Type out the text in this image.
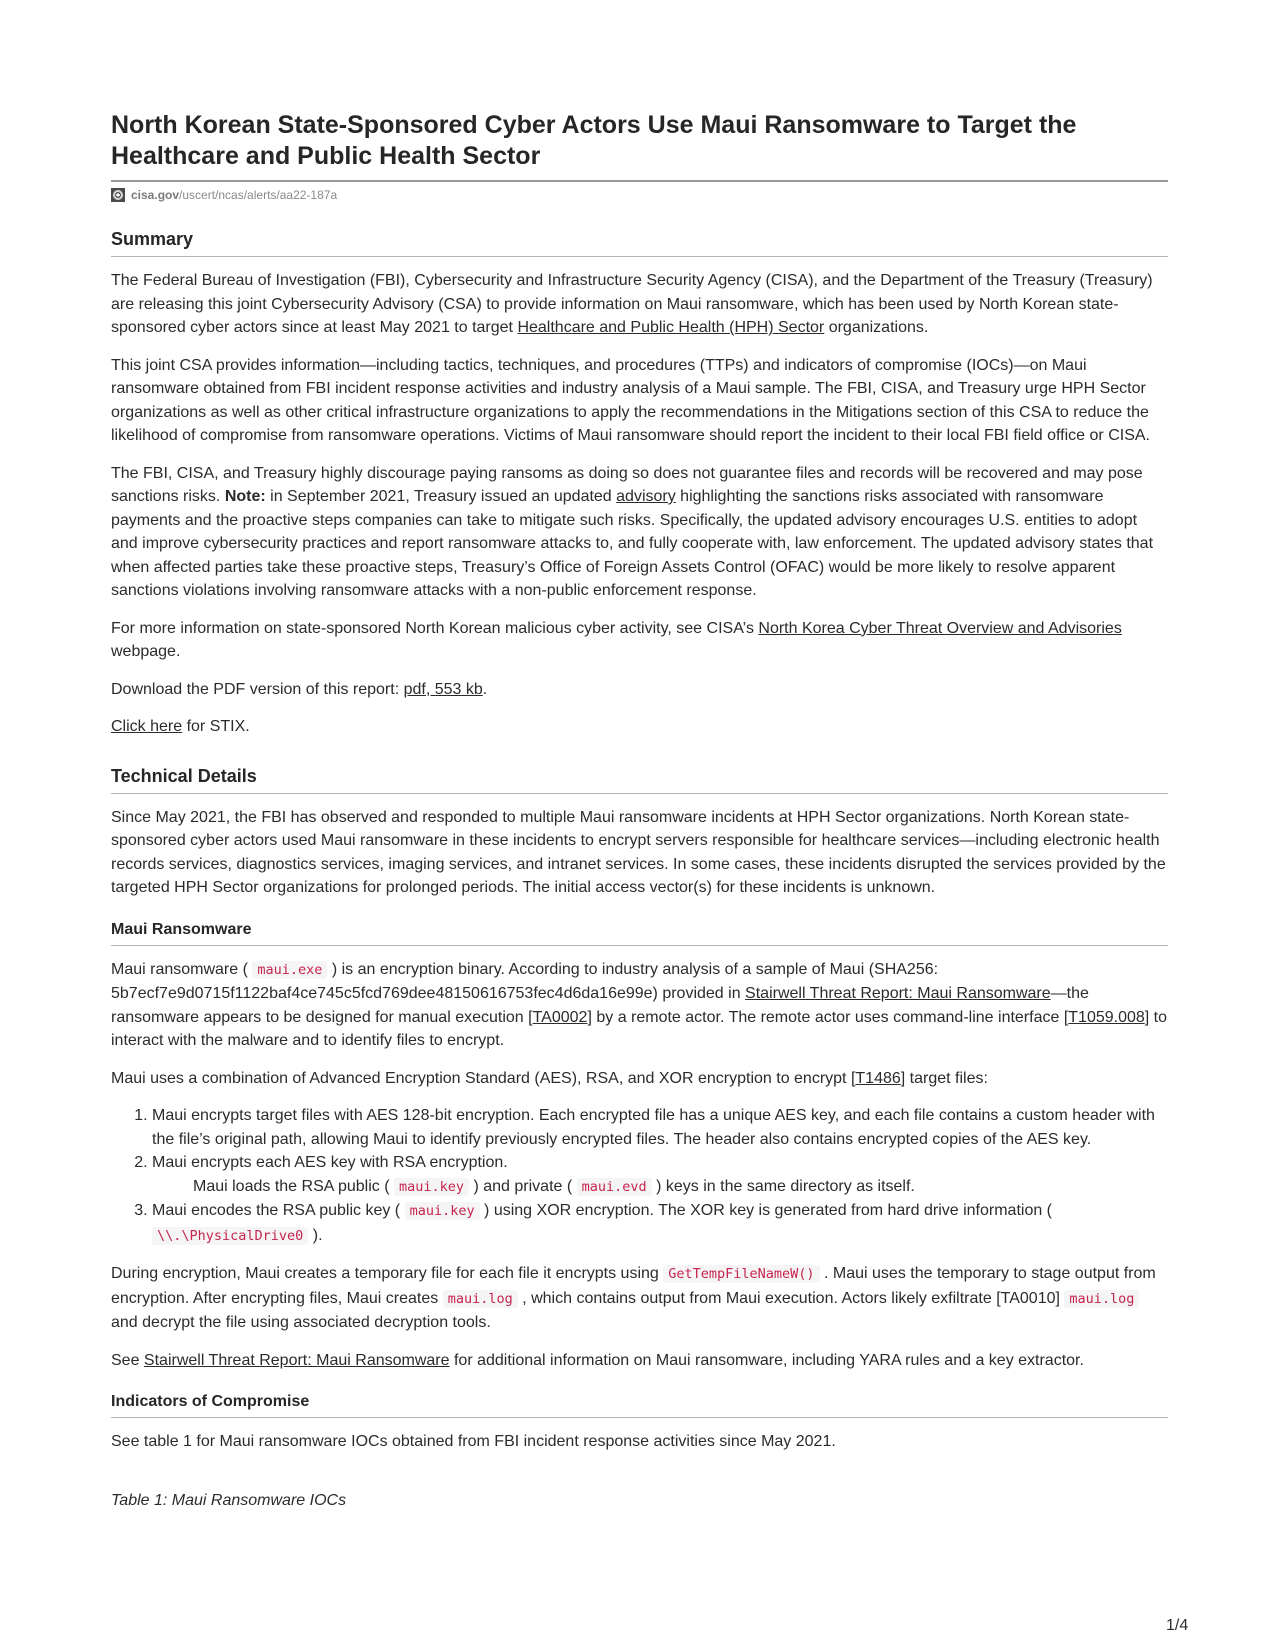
North Korean State-Sponsored Cyber Actors Use Maui Ransomware to Target the Healthcare and Public Health Sector
cisa.gov/uscert/ncas/alerts/aa22-187a
Summary

The Federal Bureau of Investigation (FBI), Cybersecurity and Infrastructure Security Agency (CISA), and the Department of the Treasury (Treasury) are releasing this joint Cybersecurity Advisory (CSA) to provide information on Maui ransomware, which has been used by North Korean state-sponsored cyber actors since at least May 2021 to target Healthcare and Public Health (HPH) Sector organizations.

This joint CSA provides information—including tactics, techniques, and procedures (TTPs) and indicators of compromise (IOCs)—on Maui ransomware obtained from FBI incident response activities and industry analysis of a Maui sample. The FBI, CISA, and Treasury urge HPH Sector organizations as well as other critical infrastructure organizations to apply the recommendations in the Mitigations section of this CSA to reduce the likelihood of compromise from ransomware operations. Victims of Maui ransomware should report the incident to their local FBI field office or CISA.

The FBI, CISA, and Treasury highly discourage paying ransoms as doing so does not guarantee files and records will be recovered and may pose sanctions risks. Note: in September 2021, Treasury issued an updated advisory highlighting the sanctions risks associated with ransomware payments and the proactive steps companies can take to mitigate such risks. Specifically, the updated advisory encourages U.S. entities to adopt and improve cybersecurity practices and report ransomware attacks to, and fully cooperate with, law enforcement. The updated advisory states that when affected parties take these proactive steps, Treasury’s Office of Foreign Assets Control (OFAC) would be more likely to resolve apparent sanctions violations involving ransomware attacks with a non-public enforcement response.

For more information on state-sponsored North Korean malicious cyber activity, see CISA’s North Korea Cyber Threat Overview and Advisories webpage.

Download the PDF version of this report: pdf, 553 kb.

Click here for STIX.

Technical Details

Since May 2021, the FBI has observed and responded to multiple Maui ransomware incidents at HPH Sector organizations. North Korean state-sponsored cyber actors used Maui ransomware in these incidents to encrypt servers responsible for healthcare services—including electronic health records services, diagnostics services, imaging services, and intranet services. In some cases, these incidents disrupted the services provided by the targeted HPH Sector organizations for prolonged periods. The initial access vector(s) for these incidents is unknown.

Maui Ransomware

Maui ransomware ( maui.exe ) is an encryption binary. According to industry analysis of a sample of Maui (SHA256: 5b7ecf7e9d0715f1122baf4ce745c5fcd769dee48150616753fec4d6da16e99e) provided in Stairwell Threat Report: Maui Ransomware—the ransomware appears to be designed for manual execution [TA0002] by a remote actor. The remote actor uses command-line interface [T1059.008] to interact with the malware and to identify files to encrypt.

Maui uses a combination of Advanced Encryption Standard (AES), RSA, and XOR encryption to encrypt [T1486] target files:

1. Maui encrypts target files with AES 128-bit encryption. Each encrypted file has a unique AES key, and each file contains a custom header with the file’s original path, allowing Maui to identify previously encrypted files. The header also contains encrypted copies of the AES key.
2. Maui encrypts each AES key with RSA encryption.
Maui loads the RSA public ( maui.key ) and private ( maui.evd ) keys in the same directory as itself.
3. Maui encodes the RSA public key ( maui.key ) using XOR encryption. The XOR key is generated from hard drive information ( \\.\PhysicalDrive0 ).

During encryption, Maui creates a temporary file for each file it encrypts using GetTempFileNameW() . Maui uses the temporary to stage output from encryption. After encrypting files, Maui creates maui.log , which contains output from Maui execution. Actors likely exfiltrate [TA0010] maui.log and decrypt the file using associated decryption tools.

See Stairwell Threat Report: Maui Ransomware for additional information on Maui ransomware, including YARA rules and a key extractor.

Indicators of Compromise

See table 1 for Maui ransomware IOCs obtained from FBI incident response activities since May 2021.

Table 1: Maui Ransomware IOCs
1/4
